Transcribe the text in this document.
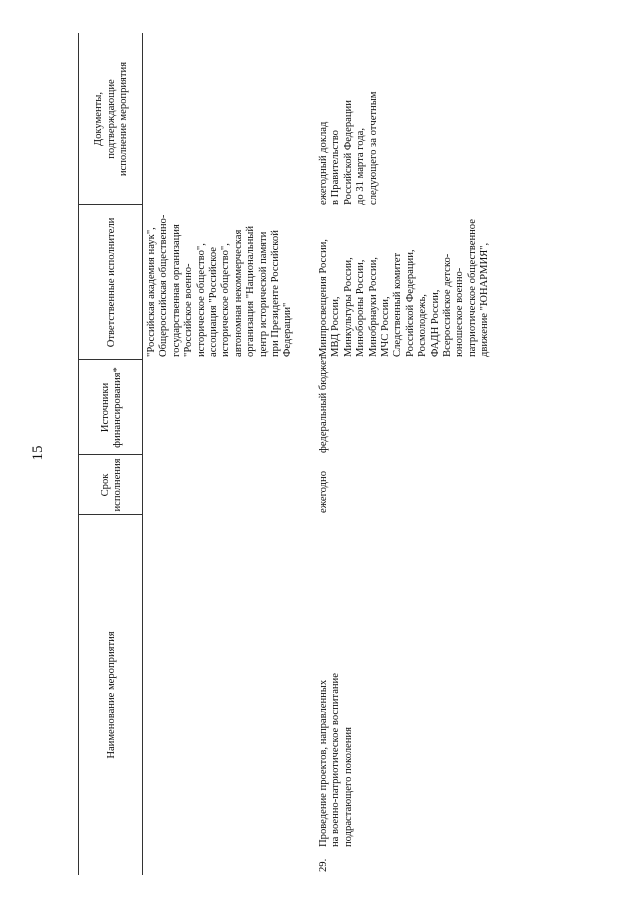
15
Наименование мероприятия
Срок
исполнения
Источники
финансирования*
Ответственные исполнители
Документы,
подтверждающие
исполнение мероприятия
"Российская академия наук",
Общероссийская общественно-
государственная организация
"Российское военно-
историческое общество",
ассоциация "Российское
историческое общество",
автономная некоммерческая
организация "Национальный
центр исторической памяти
при Президенте Российской
Федерации"
29.
Проведение проектов, направленных
на военно-патриотическое воспитание
подрастающего поколения
ежегодно
федеральный бюджет
Минпросвещения России,
МВД России,
Минкультуры России,
Минобороны России,
Минобрнауки России,
МЧС России,
Следственный комитет
Российской Федерации,
Росмолодежь,
ФАДН России,
Всероссийское детско-
юношеское военно-
патриотическое общественное
движение "ЮНАРМИЯ",
ежегодный доклад
в Правительство
Российской Федерации
до 31 марта года,
следующего за отчетным
